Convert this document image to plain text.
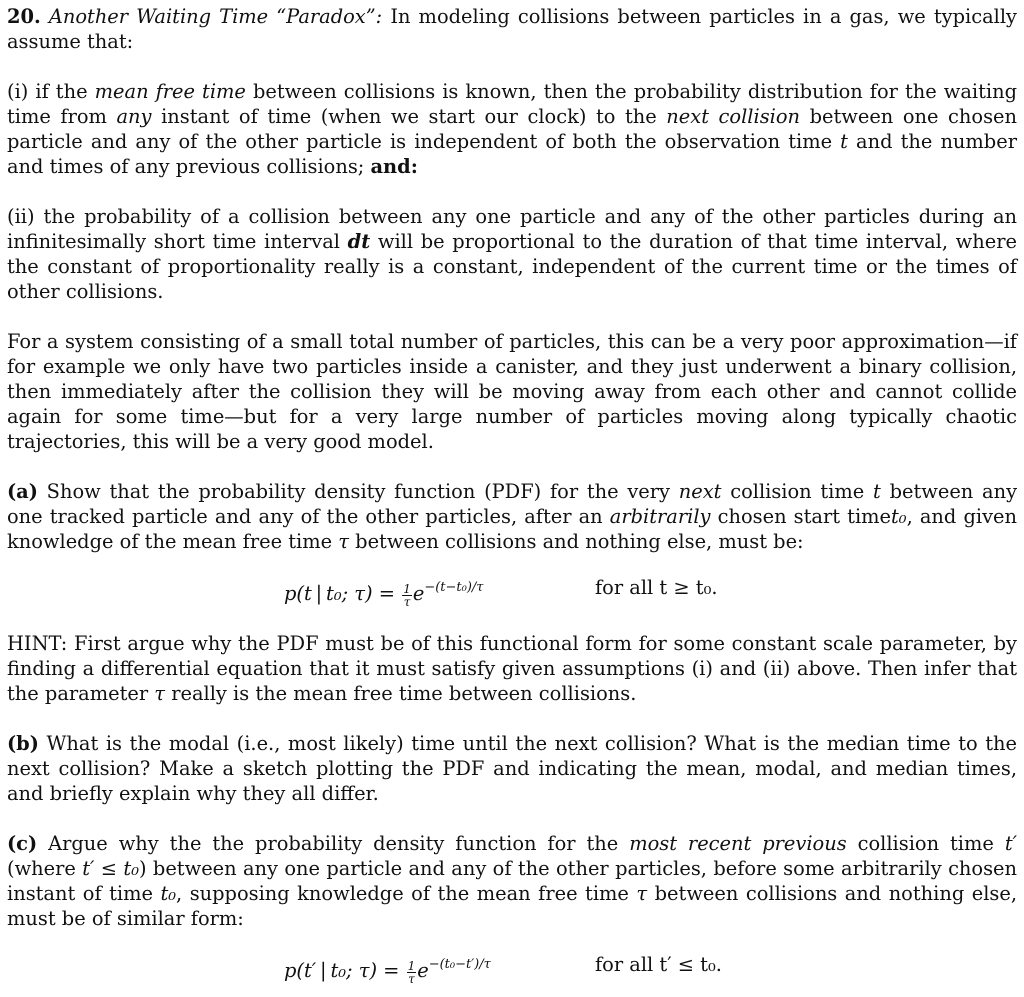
20. Another Waiting Time “Paradox”: In modeling collisions between particles in a gas, we typically assume that:

(i) if the mean free time between collisions is known, then the probability distribution for the waiting time from any instant of time (when we start our clock) to the next collision between one chosen particle and any of the other particle is independent of both the observation time t and the number and times of any previous collisions; and:

(ii) the probability of a collision between any one particle and any of the other particles during an infinitesimally short time interval dt will be proportional to the duration of that time interval, where the constant of proportionality really is a constant, independent of the current time or the times of other collisions.

For a system consisting of a small total number of particles, this can be a very poor approximation—if for example we only have two particles inside a canister, and they just underwent a binary collision, then immediately after the collision they will be moving away from each other and cannot collide again for some time—but for a very large number of particles moving along typically chaotic trajectories, this will be a very good model.

(a) Show that the probability density function (PDF) for the very next collision time t between any one tracked particle and any of the other particles, after an arbitrarily chosen start timet₀, and given knowledge of the mean free time τ between collisions and nothing else, must be:

p(t | t₀; $\tau) = \frac{1}{\tau} e^{-(t-t_0)/\tau}$	for all t ≥ t₀.

HINT: First argue why the PDF must be of this functional form for some constant scale parameter, by finding a differential equation that it must satisfy given assumptions (i) and (ii) above. Then infer that the parameter τ really is the mean free time between collisions.

(b) What is the modal (i.e., most likely) time until the next collision? What is the median time to the next collision? Make a sketch plotting the PDF and indicating the mean, modal, and median times, and briefly explain why they all differ.

(c) Argue why the the probability density function for the most recent previous collision time t′ (where t′ ≤ t₀) between any one particle and any of the other particles, before some arbitrarily chosen instant of time t₀, supposing knowledge of the mean free time τ between collisions and nothing else, must be of similar form:

p(t′ | t₀; $\tau) = \frac{1}{\tau} e^{-(t_0-t')/\tau}$	for all t′ ≤ t₀.
